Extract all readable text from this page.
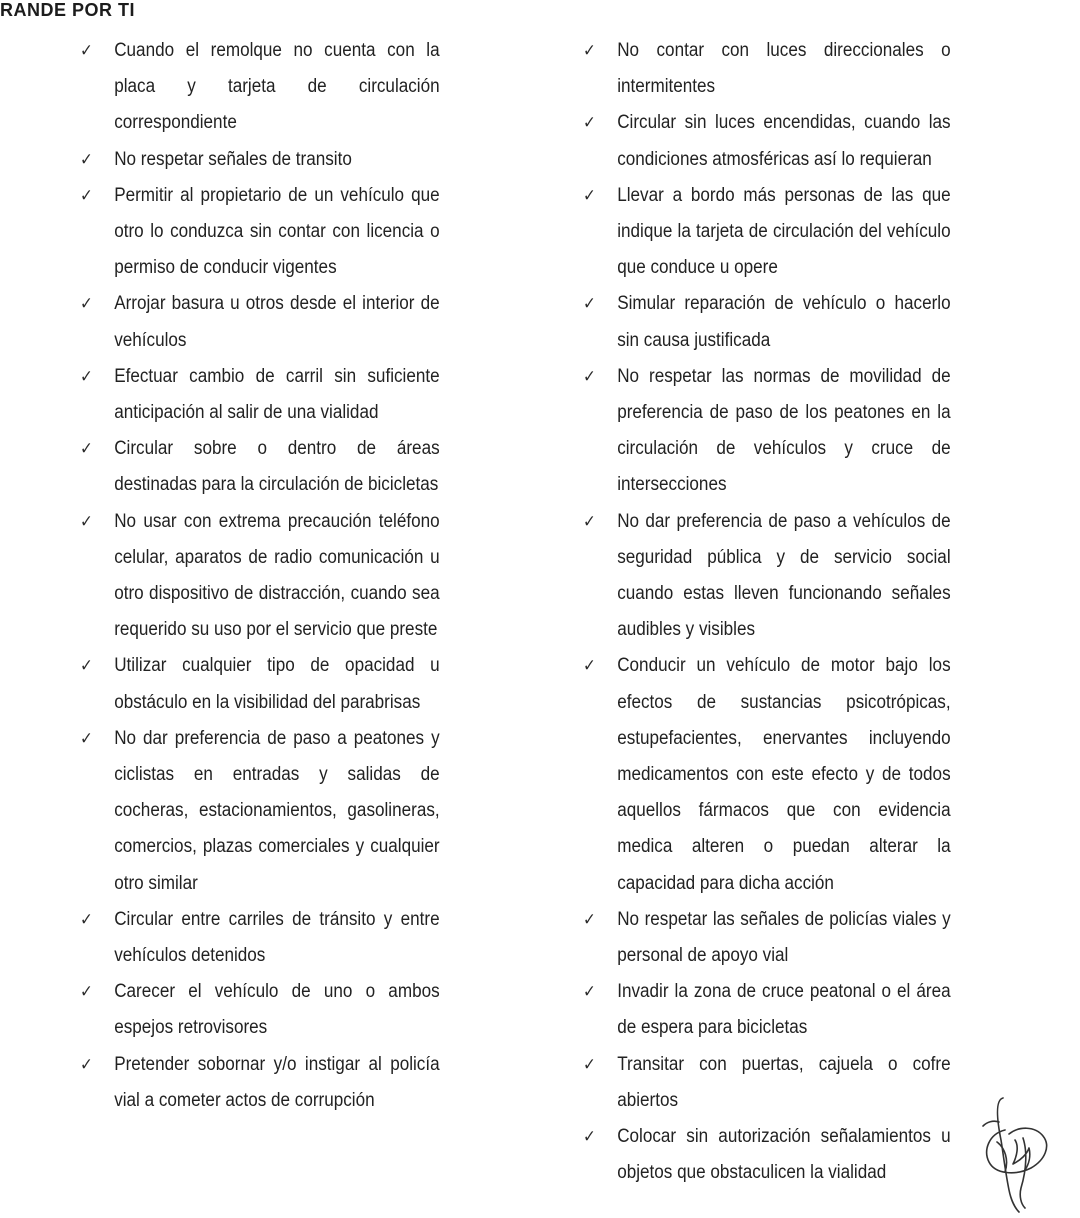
RANDE POR TI
✓ Cuando el remolque no cuenta con la placa y tarjeta de circulación correspondiente
✓ No respetar señales de transito
✓ Permitir al propietario de un vehículo que otro lo conduzca sin contar con licencia o permiso de conducir vigentes
✓ Arrojar basura u otros desde el interior de vehículos
✓ Efectuar cambio de carril sin suficiente anticipación al salir de una vialidad
✓ Circular sobre o dentro de áreas destinadas para la circulación de bicicletas
✓ No usar con extrema precaución teléfono celular, aparatos de radio comunicación u otro dispositivo de distracción, cuando sea requerido su uso por el servicio que preste
✓ Utilizar cualquier tipo de opacidad u obstáculo en la visibilidad del parabrisas
✓ No dar preferencia de paso a peatones y ciclistas en entradas y salidas de cocheras, estacionamientos, gasolineras, comercios, plazas comerciales y cualquier otro similar
✓ Circular entre carriles de tránsito y entre vehículos detenidos
✓ Carecer el vehículo de uno o ambos espejos retrovisores
✓ Pretender sobornar y/o instigar al policía vial a cometer actos de corrupción
✓ No contar con luces direccionales o intermitentes
✓ Circular sin luces encendidas, cuando las condiciones atmosféricas así lo requieran
✓ Llevar a bordo más personas de las que indique la tarjeta de circulación del vehículo que conduce u opere
✓ Simular reparación de vehículo o hacerlo sin causa justificada
✓ No respetar las normas de movilidad de preferencia de paso de los peatones en la circulación de vehículos y cruce de intersecciones
✓ No dar preferencia de paso a vehículos de seguridad pública y de servicio social cuando estas lleven funcionando señales audibles y visibles
✓ Conducir un vehículo de motor bajo los efectos de sustancias psicotrópicas, estupefacientes, enervantes incluyendo medicamentos con este efecto y de todos aquellos fármacos que con evidencia medica alteren o puedan alterar la capacidad para dicha acción
✓ No respetar las señales de policías viales y personal de apoyo vial
✓ Invadir la zona de cruce peatonal o el área de espera para bicicletas
✓ Transitar con puertas, cajuela o cofre abiertos
✓ Colocar sin autorización señalamientos u objetos que obstaculicen la vialidad
